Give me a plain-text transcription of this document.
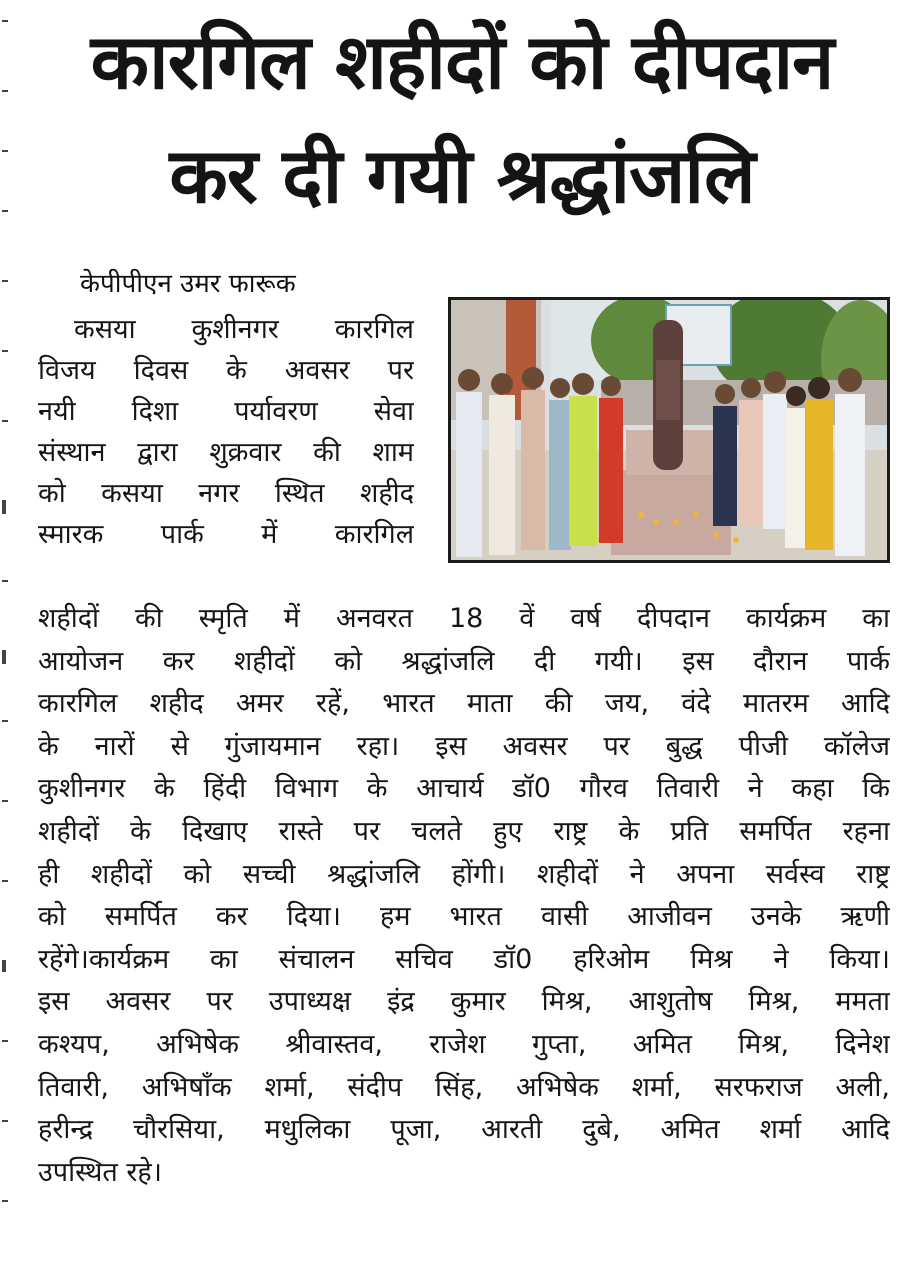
कारगिल शहीदों को दीपदान
कर दी गयी श्रद्धांजलि
केपीपीएन उमर फारूक
कसया कुशीनगर कारगिल
विजय दिवस के अवसर पर
नयी दिशा पर्यावरण सेवा
संस्थान द्वारा शुक्रवार की शाम
को कसया नगर स्थित शहीद
स्मारक पार्क में कारगिल
शहीदों की स्मृति में अनवरत 18 वें वर्ष दीपदान कार्यक्रम का
आयोजन कर शहीदों को श्रद्धांजलि दी गयी। इस दौरान पार्क
कारगिल शहीद अमर रहें, भारत माता की जय, वंदे मातरम आदि
के नारों से गुंजायमान रहा। इस अवसर पर बुद्ध पीजी कॉलेज
कुशीनगर के हिंदी विभाग के आचार्य डॉ0 गौरव तिवारी ने कहा कि
शहीदों के दिखाए रास्ते पर चलते हुए राष्ट्र के प्रति समर्पित रहना
ही शहीदों को सच्ची श्रद्धांजलि होंगी। शहीदों ने अपना सर्वस्व राष्ट्र
को समर्पित कर दिया। हम भारत वासी आजीवन उनके ऋणी
रहेंगे।कार्यक्रम का संचालन सचिव डॉ0 हरिओम मिश्र ने किया।
इस अवसर पर उपाध्यक्ष इंद्र कुमार मिश्र, आशुतोष मिश्र, ममता
कश्यप, अभिषेक श्रीवास्तव, राजेश गुप्ता, अमित मिश्र, दिनेश
तिवारी, अभिषाँक शर्मा, संदीप सिंह, अभिषेक शर्मा, सरफराज अली,
हरीन्द्र चौरसिया, मधुलिका पूजा, आरती दुबे, अमित शर्मा आदि
उपस्थित रहे।
